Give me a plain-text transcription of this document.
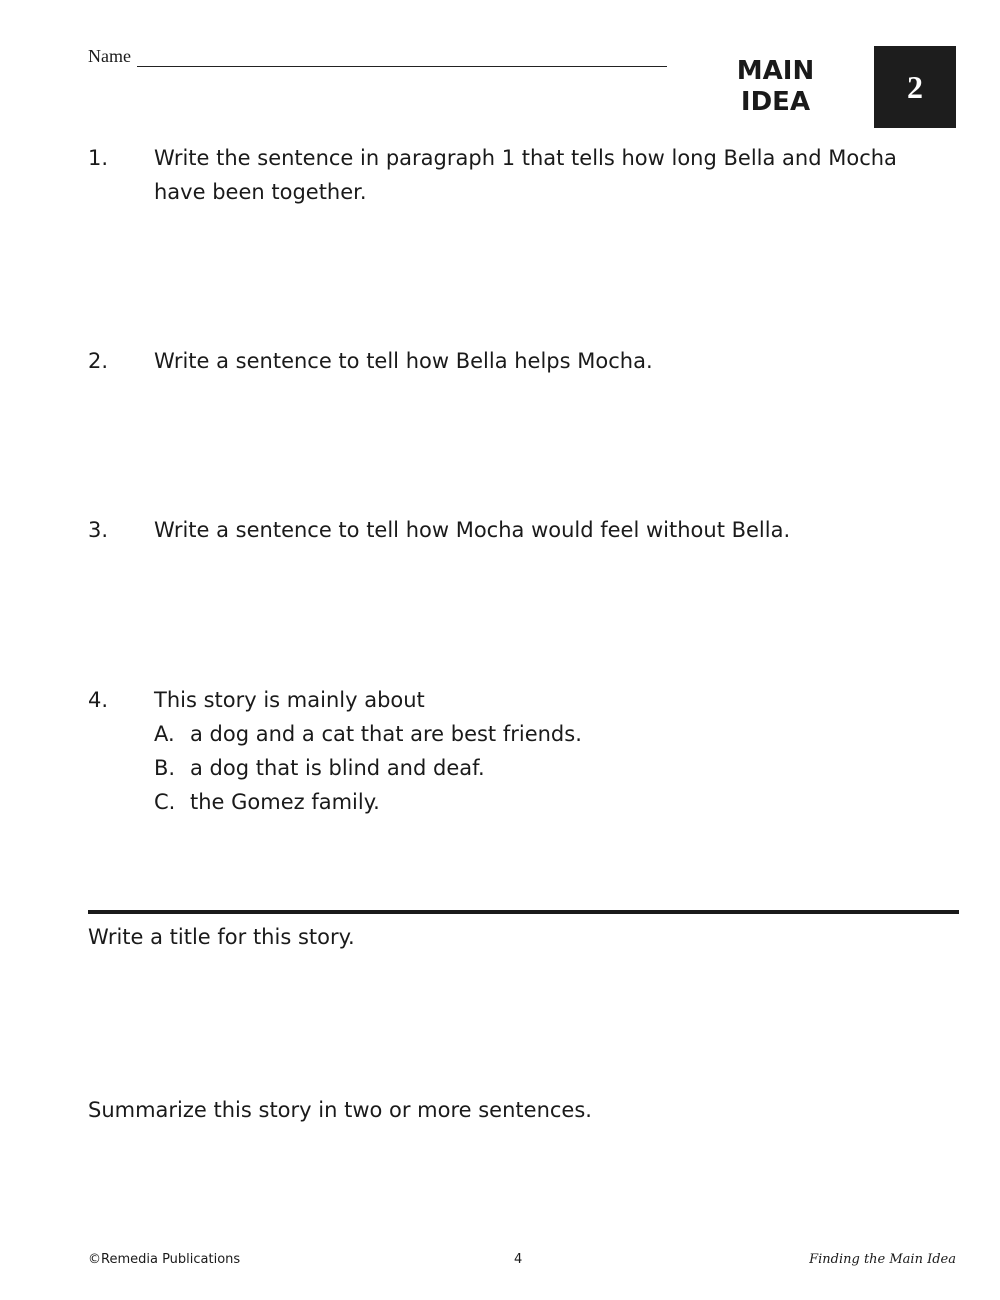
Name	MAIN
IDEA	2
1.	Write the sentence in paragraph 1 that tells how long Bella and Mocha
have been together.
2.	Write a sentence to tell how Bella helps Mocha.
3.	Write a sentence to tell how Mocha would feel without Bella.
4.	This story is mainly about
A. a dog and a cat that are best friends.
B. a dog that is blind and deaf.
C. the Gomez family.
Write a title for this story.
Summarize this story in two or more sentences.
©Remedia Publications	4	Finding the Main Idea
